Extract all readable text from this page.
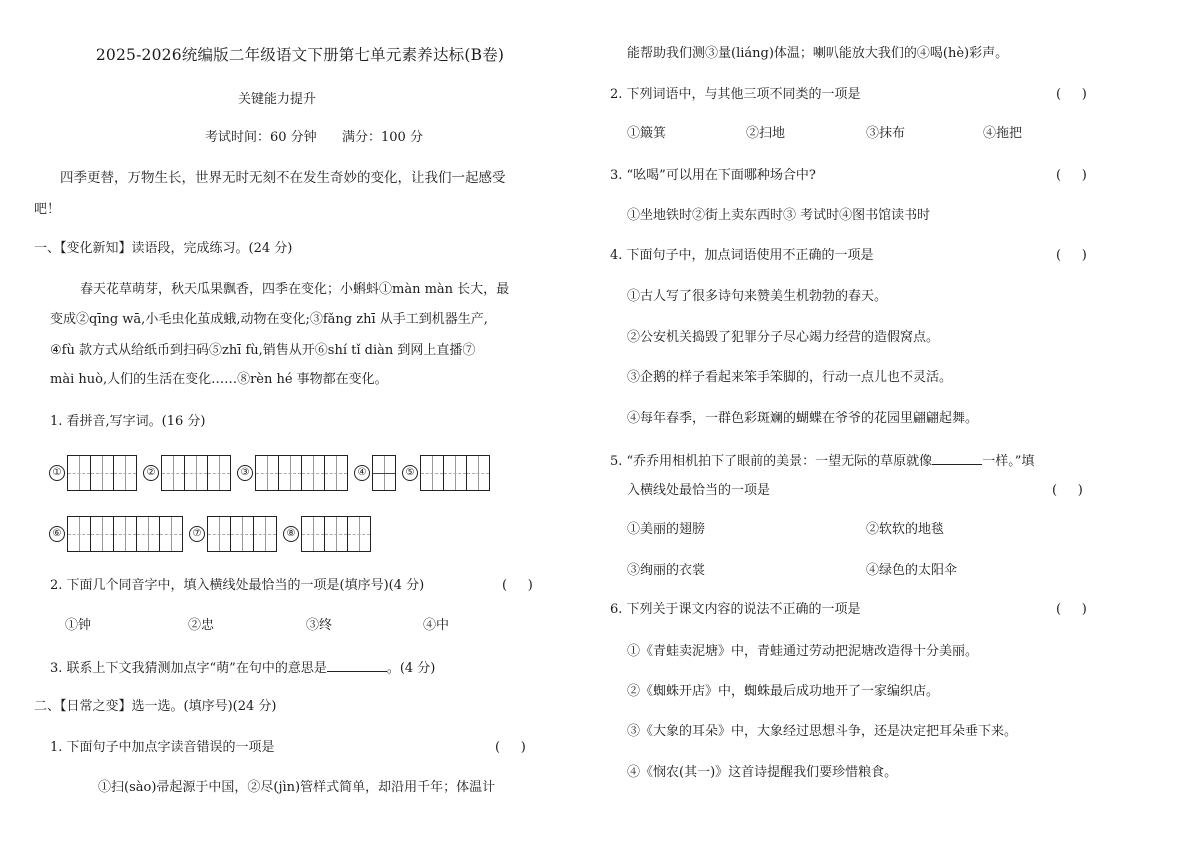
2025-2026统编版二年级语文下册第七单元素养达标(B卷)
关键能力提升
考试时间：60 分钟 满分：100 分
四季更替，万物生长，世界无时无刻不在发生奇妙的变化，让我们一起感受
吧！
一、【变化新知】读语段，完成练习。(24 分)
春天花草萌芽，秋天瓜果飘香，四季在变化；小蝌蚪①màn màn 长大，最
变成②qīng wā,小毛虫化茧成蛾,动物在变化;③fǎng zhī 从手工到机器生产,
④fù 款方式从给纸币到扫码⑤zhī fù,销售从开⑥shí tǐ diàn 到网上直播⑦
mài huò,人们的生活在变化……⑧rèn hé 事物都在变化。
1. 看拼音,写字词。(16 分)
①	②	③	④	⑤
⑥	⑦	⑧
2. 下面几个同音字中，填入横线处最恰当的一项是(填序号)(4 分)	(     )
①钟	②忠	③终	④中
3. 联系上下文我猜测加点字“萌”在句中的意思是	。(4 分)
二、【日常之变】选一选。(填序号)(24 分)
1. 下面句子中加点字读音错误的一项是	(     )
①扫(sào)帚起源于中国，②尽(jìn)管样式简单，却沿用千年；体温计
能帮助我们测③量(liáng)体温；喇叭能放大我们的④喝(hè)彩声。
2. 下列词语中，与其他三项不同类的一项是	(     )
①簸箕	②扫地	③抹布	④拖把
3. “吆喝”可以用在下面哪种场合中?	(     )
①坐地铁时②街上卖东西时③ 考试时④图书馆读书时
4. 下面句子中，加点词语使用不正确的一项是	(     )
①古人写了很多诗句来赞美生机勃勃的春天。
②公安机关捣毁了犯罪分子尽心竭力经营的造假窝点。
③企鹅的样子看起来笨手笨脚的，行动一点儿也不灵活。
④每年春季，一群色彩斑斓的蝴蝶在爷爷的花园里翩翩起舞。
5. “乔乔用相机拍下了眼前的美景：一望无际的草原就像	一样。”填
入横线处最恰当的一项是	(     )
①美丽的翅膀	②软软的地毯
③绚丽的衣裳	④绿色的太阳伞
6. 下列关于课文内容的说法不正确的一项是	(     )
①《青蛙卖泥塘》中，青蛙通过劳动把泥塘改造得十分美丽。
②《蜘蛛开店》中，蜘蛛最后成功地开了一家编织店。
③《大象的耳朵》中，大象经过思想斗争，还是决定把耳朵垂下来。
④《悯农(其一)》这首诗提醒我们要珍惜粮食。
